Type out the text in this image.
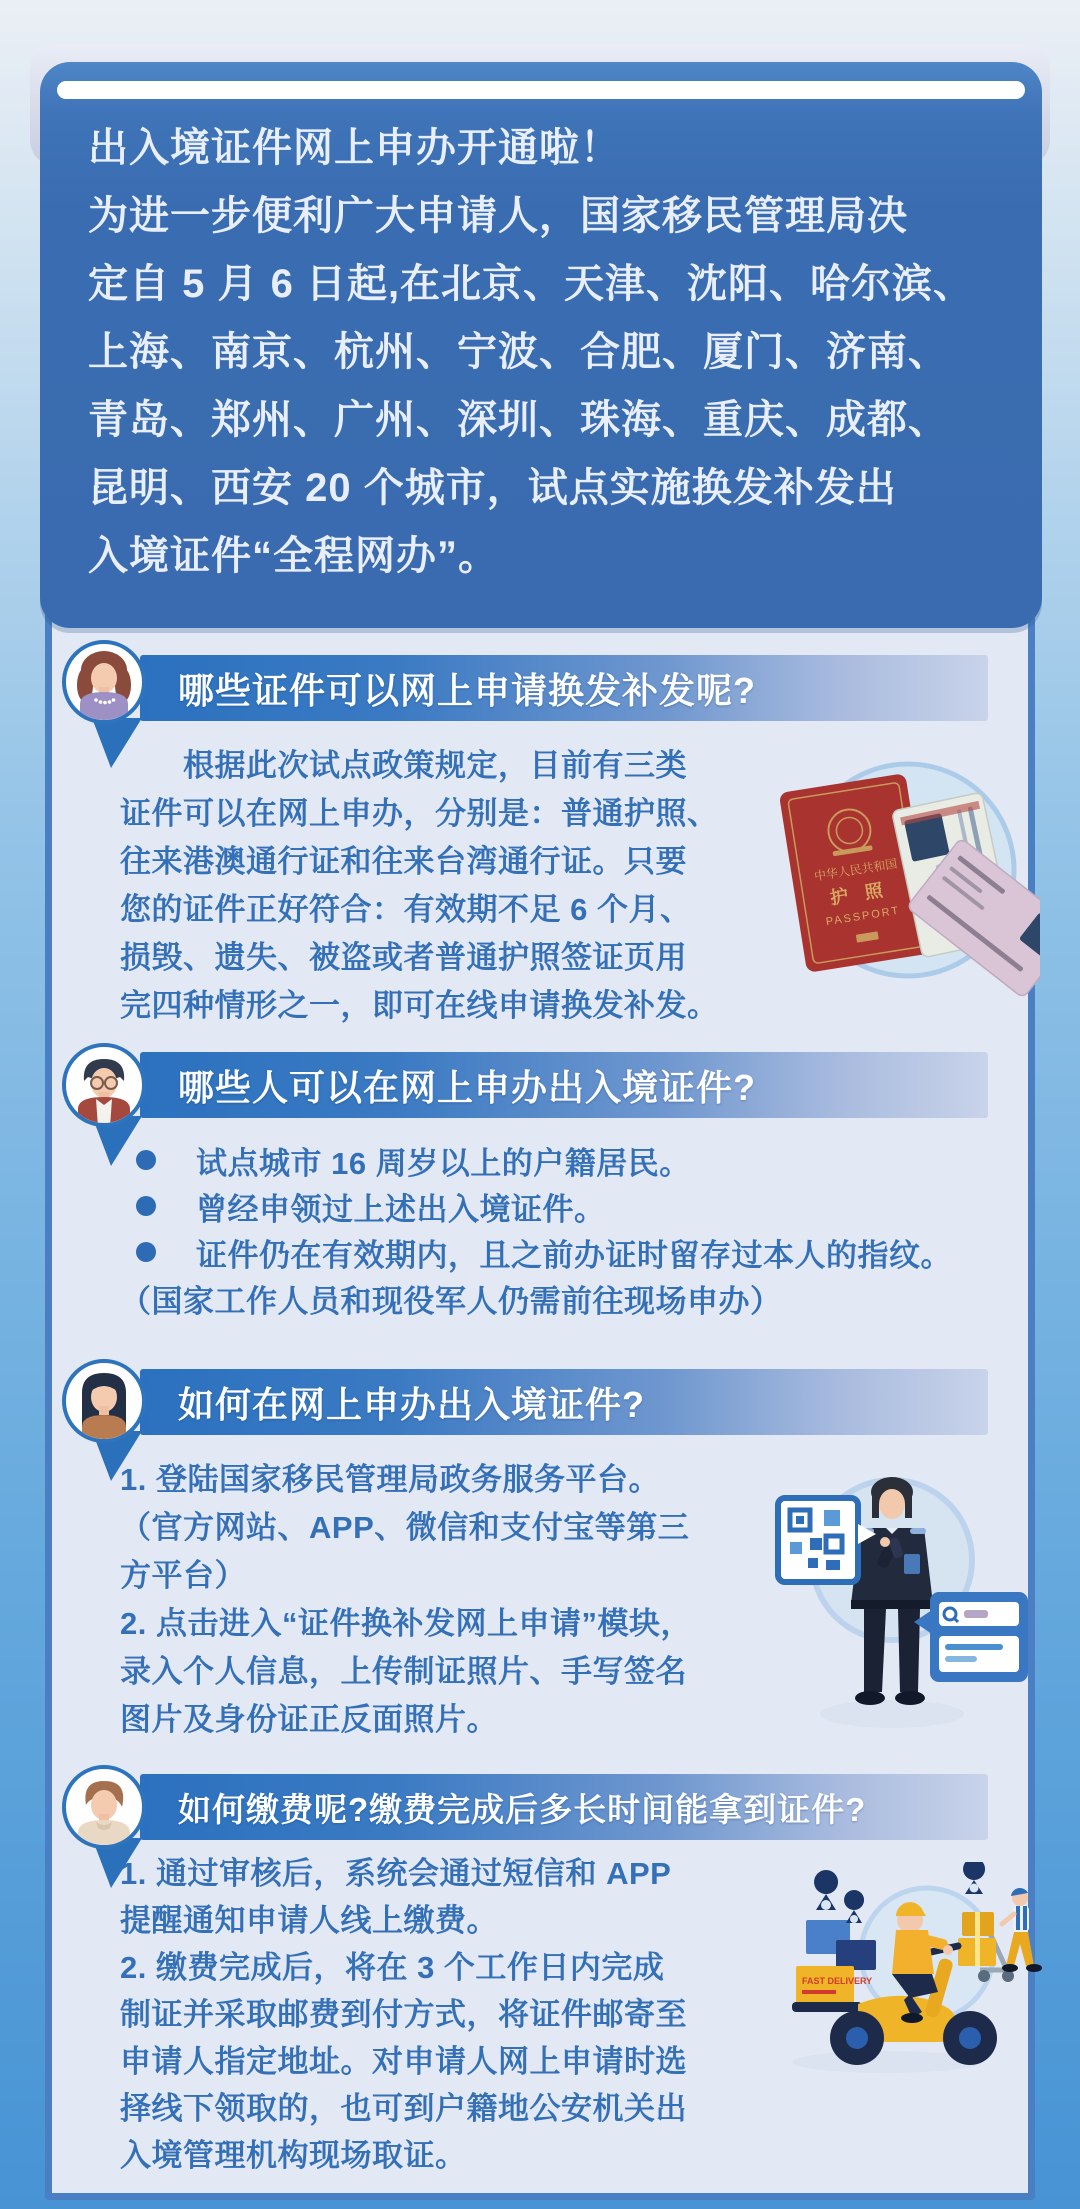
出入境证件网上申办开通啦！
为进一步便利广大申请人，国家移民管理局决
定自 5 月 6 日起,在北京、天津、沈阳、哈尔滨、
上海、南京、杭州、宁波、合肥、厦门、济南、
青岛、郑州、广州、深圳、珠海、重庆、成都、
昆明、西安 20 个城市，试点实施换发补发出
入境证件“全程网办”。
哪些证件可以网上申请换发补发呢?
　　根据此次试点政策规定，目前有三类
证件可以在网上申办，分别是：普通护照、
往来港澳通行证和往来台湾通行证。只要
您的证件正好符合：有效期不足 6 个月、
损毁、遗失、被盗或者普通护照签证页用
完四种情形之一，即可在线申请换发补发。
中华人民共和国
护 照
PASSPORT
哪些人可以在网上申办出入境证件?
试点城市 16 周岁以上的户籍居民。
曾经申领过上述出入境证件。
证件仍在有效期内，且之前办证时留存过本人的指纹。
（国家工作人员和现役军人仍需前往现场申办）
如何在网上申办出入境证件?
1. 登陆国家移民管理局政务服务平台。
（官方网站、APP、微信和支付宝等第三
方平台）
2. 点击进入“证件换补发网上申请”模块，
录入个人信息，上传制证照片、手写签名
图片及身份证正反面照片。
如何缴费呢?缴费完成后多长时间能拿到证件?
1. 通过审核后，系统会通过短信和 APP
提醒通知申请人线上缴费。
2. 缴费完成后，将在 3 个工作日内完成
制证并采取邮费到付方式，将证件邮寄至
申请人指定地址。对申请人网上申请时选
择线下领取的，也可到户籍地公安机关出
入境管理机构现场取证。
FAST DELIVERY
